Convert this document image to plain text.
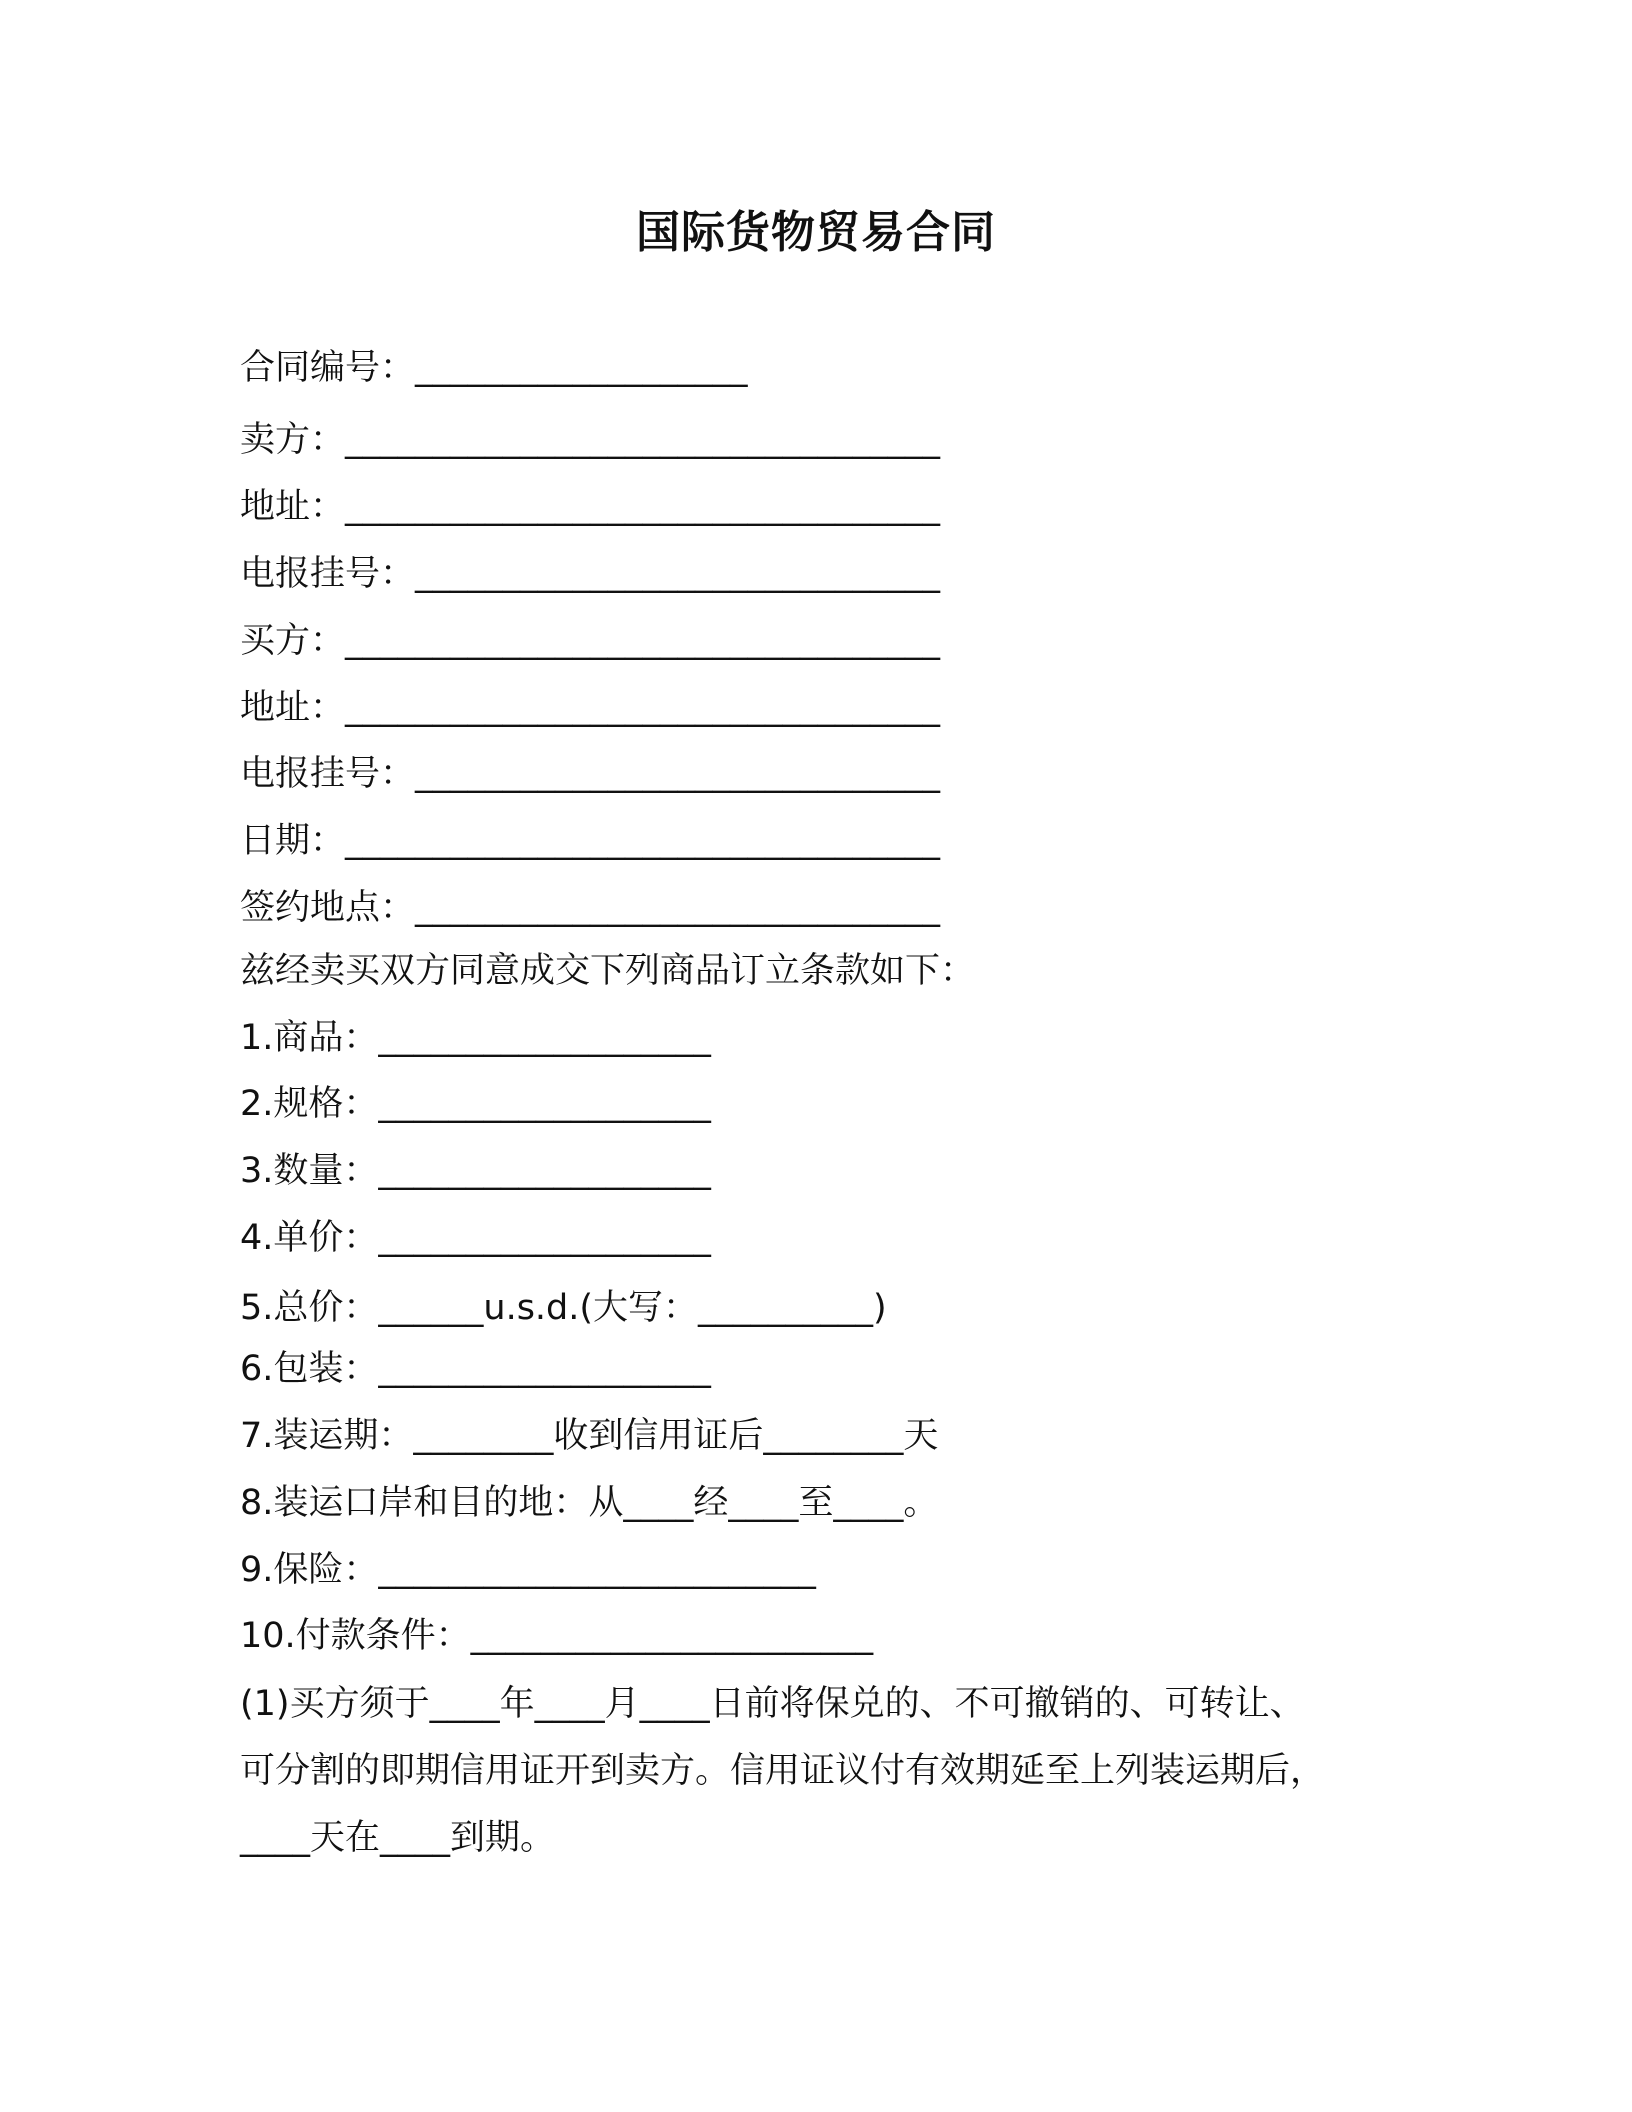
国际货物贸易合同
合同编号：___________________
卖方：__________________________________
地址：__________________________________
电报挂号：______________________________
买方：__________________________________
地址：__________________________________
电报挂号：______________________________
日期：__________________________________
签约地点：______________________________
兹经卖买双方同意成交下列商品订立条款如下：
1.商品：___________________
2.规格：___________________
3.数量：___________________
4.单价：___________________
5.总价：______u.s.d.(大写：__________)
6.包装：___________________
7.装运期：________收到信用证后________天
8.装运口岸和目的地：从____经____至____。
9.保险：_________________________
10.付款条件：_______________________
(1)买方须于____年____月____日前将保兑的、不可撤销的、可转让、
可分割的即期信用证开到卖方。信用证议付有效期延至上列装运期后，
____天在____到期。
